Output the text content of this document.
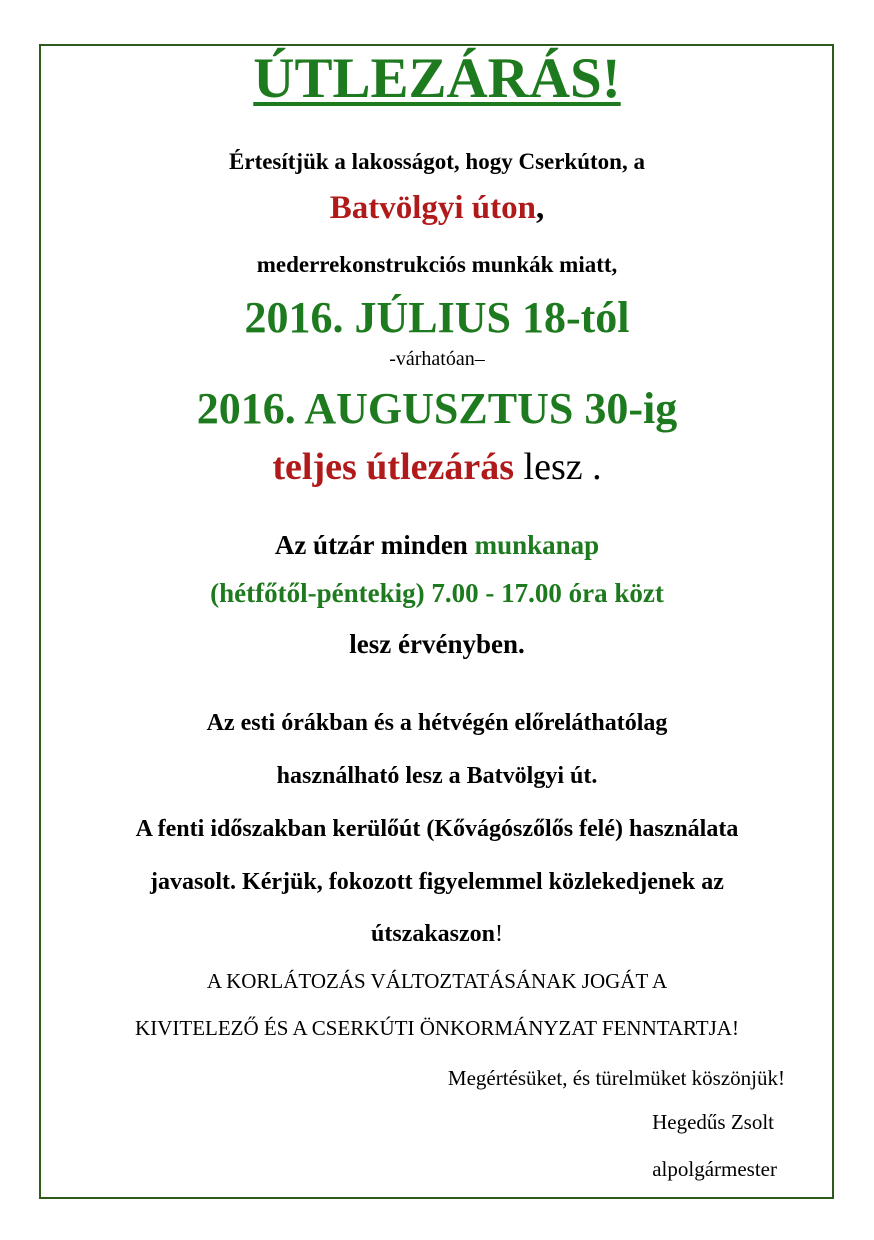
ÚTLEZÁRÁS!
Értesítjük a lakosságot, hogy Cserkúton, a
Batvölgyi úton,
mederrekonstrukciós munkák miatt,
2016. JÚLIUS 18-tól
-várhatóan–
2016. AUGUSZTUS 30-ig
teljes útlezárás lesz .
Az útzár minden munkanap
(hétfőtől-péntekig) 7.00 - 17.00 óra közt
lesz érvényben.
Az esti órákban és a hétvégén előreláthatólag
használható lesz a Batvölgyi út.
A fenti időszakban kerülőút (Kővágószőlős felé) használata
javasolt. Kérjük, fokozott figyelemmel közlekedjenek az
útszakaszon!
A KORLÁTOZÁS VÁLTOZTATÁSÁNAK JOGÁT A
KIVITELEZŐ ÉS A CSERKÚTI ÖNKORMÁNYZAT FENNTARTJA!
Megértésüket, és türelmüket köszönjük!
Hegedűs Zsolt
alpolgármester
